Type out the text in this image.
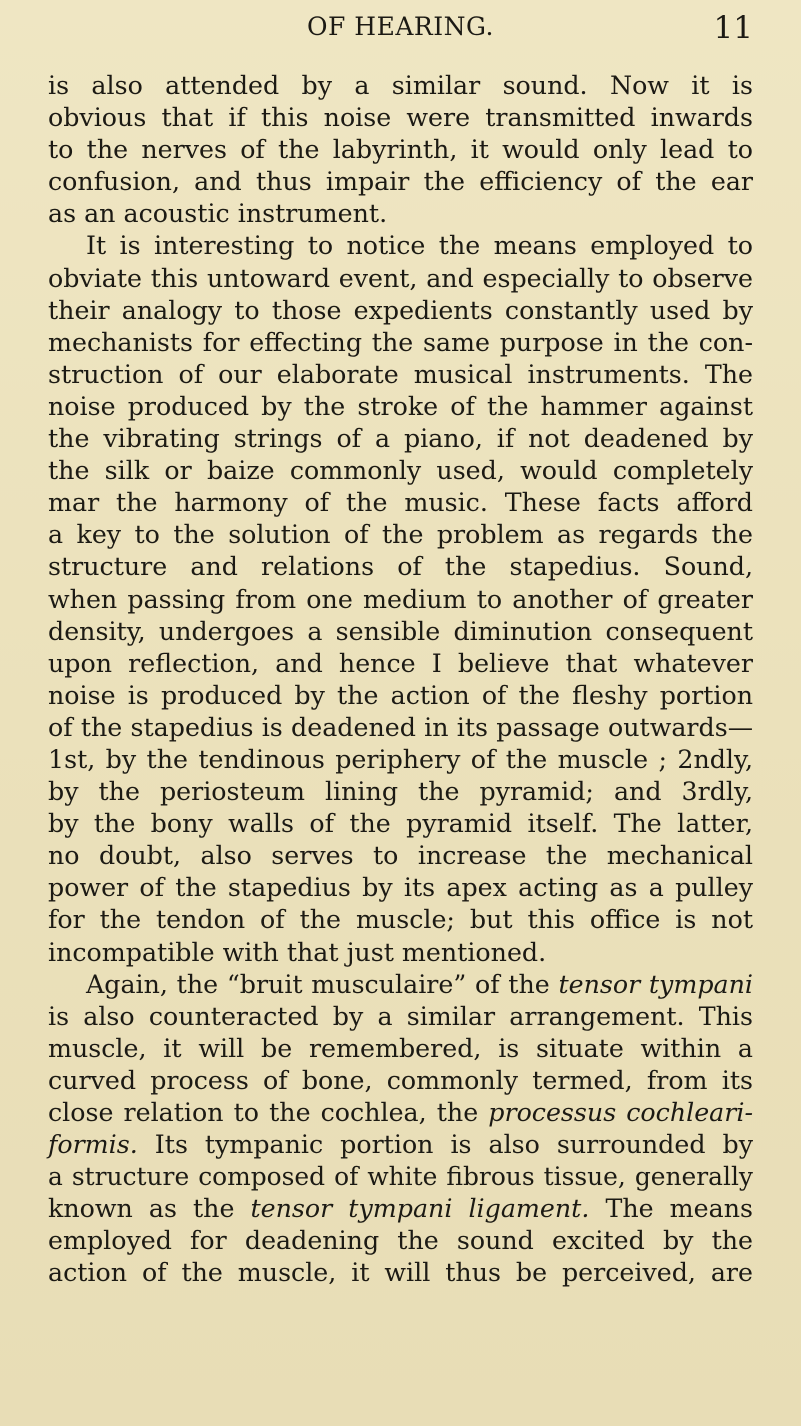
OF HEARING.	11
is also attended by a similar sound. Now it is
obvious that if this noise were transmitted inwards
to the nerves of the labyrinth, it would only lead to
confusion, and thus impair the efficiency of the ear
as an acoustic instrument.
It is interesting to notice the means employed to
obviate this untoward event, and especially to observe
their analogy to those expedients constantly used by
mechanists for effecting the same purpose in the con-
struction of our elaborate musical instruments. The
noise produced by the stroke of the hammer against
the vibrating strings of a piano, if not deadened by
the silk or baize commonly used, would completely
mar the harmony of the music. These facts afford
a key to the solution of the problem as regards the
structure and relations of the stapedius. Sound,
when passing from one medium to another of greater
density, undergoes a sensible diminution consequent
upon reflection, and hence I believe that whatever
noise is produced by the action of the fleshy portion
of the stapedius is deadened in its passage outwards—
1st, by the tendinous periphery of the muscle ; 2ndly,
by the periosteum lining the pyramid; and 3rdly,
by the bony walls of the pyramid itself. The latter,
no doubt, also serves to increase the mechanical
power of the stapedius by its apex acting as a pulley
for the tendon of the muscle; but this office is not
incompatible with that just mentioned.
Again, the “bruit musculaire” of the tensor tympani
is also counteracted by a similar arrangement. This
muscle, it will be remembered, is situate within a
curved process of bone, commonly termed, from its
close relation to the cochlea, the processus cochleari-
formis. Its tympanic portion is also surrounded by
a structure composed of white fibrous tissue, generally
known as the tensor tympani ligament. The means
employed for deadening the sound excited by the
action of the muscle, it will thus be perceived, are
